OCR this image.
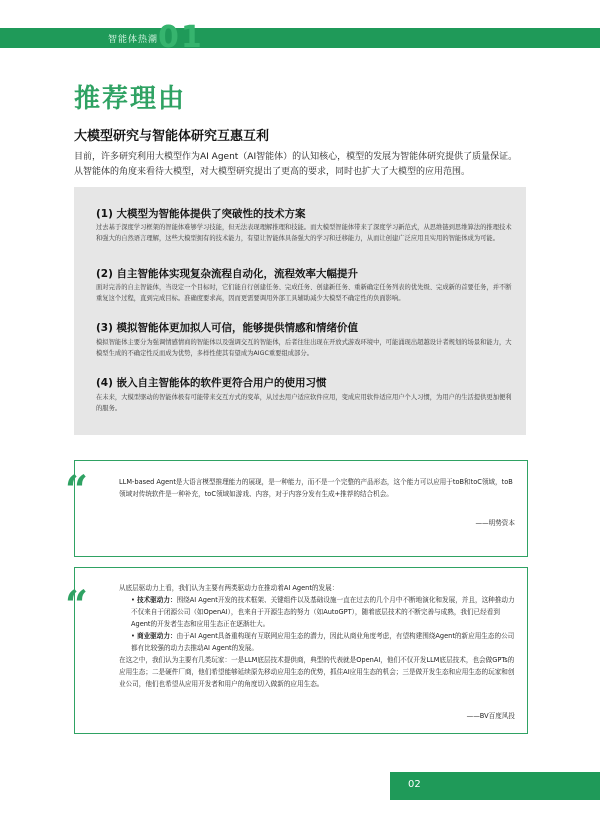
智能体热潮 01
推荐理由
大模型研究与智能体研究互惠互利
目前，许多研究利用大模型作为AI Agent（AI智能体）的认知核心，模型的发展为智能体研究提供了质量保证。从智能体的角度来看待大模型，对大模型研究提出了更高的要求，同时也扩大了大模型的应用范围。
(1) 大模型为智能体提供了突破性的技术方案
过去基于深度学习框架的智能体难够学习技能，但无法表现理解推理和技能。而大模型智能体带来了深度学习新范式，从思维链到思维算法的推理技术和强大的自然语言理解，这些大模型拥有的技术能力，有望让智能体具备强大的学习和迁移能力，从而让创建广泛应用且实用的智能体成为可能。
(2) 自主智能体实现复杂流程自动化，流程效率大幅提升
面对完善的自主智能体，当设定一个目标时，它们能自行创建任务、完成任务、创建新任务、重新确定任务列表的优先级、完成新的首要任务，并不断重复这个过程，直到完成目标。准确度要求高，因而更需要调用外部工具辅助减少大模型不确定性的负面影响。
(3) 模拟智能体更加拟人可信，能够提供情感和情绪价值
模拟智能体主要分为强调情感情商的智能体以及强调交互的智能体，后者往往出现在开放式游戏环境中，可能涌现出超越设计者规划的场景和能力，大模型生成的不确定性反而成为优势，多样性使其有望成为AIGC重要组成部分。
(4) 嵌入自主智能体的软件更符合用户的使用习惯
在未来，大模型驱动的智能体极有可能带来交互方式的变革，从过去用户适应软件应用，变成应用软件适应用户个人习惯，为用户的生活提供更加便利的服务。
“	LLM-based Agent是大语言模型推理能力的展现，是一种能力，而不是一个完整的产品形态，这个能力可以应用于toB和toC领域，toB领域对传统软件是一种补充，toC领域如游戏、内容，对于内容分发有生成+推荐的结合机会。
——明势资本
“	从底层驱动力上看，我们认为主要有两类驱动力在推动着AI Agent的发展：
• 技术驱动力：围绕AI Agent开发的技术框架、关键组件以及基础设施一直在过去的几个月中不断地演化和发展，并且，这种推动力不仅来自于闭源公司（如OpenAI），也来自于开源生态的努力（如AutoGPT），随着底层技术的不断完善与成熟，我们已经看到Agent的开发者生态和应用生态正在逐渐壮大。
• 商业驱动力：由于AI Agent具备重构现有互联网应用生态的潜力，因此从商业角度考虑，有望构建围绕Agent的新应用生态的公司都有比较强的动力去推动AI Agent的发展。
在这之中，我们认为主要有几类玩家：一是LLM底层技术提供商，典型的代表就是OpenAI，他们不仅开发LLM底层技术，也会做GPTs的应用生态；二是硬件厂商，他们希望能够延续原先移动应用生态的优势，抓住AI应用生态的机会；三是做开发生态和应用生态的玩家和创业公司，他们也希望从应用开发者和用户的角度切入做新的应用生态。
——BV百度风投
02
